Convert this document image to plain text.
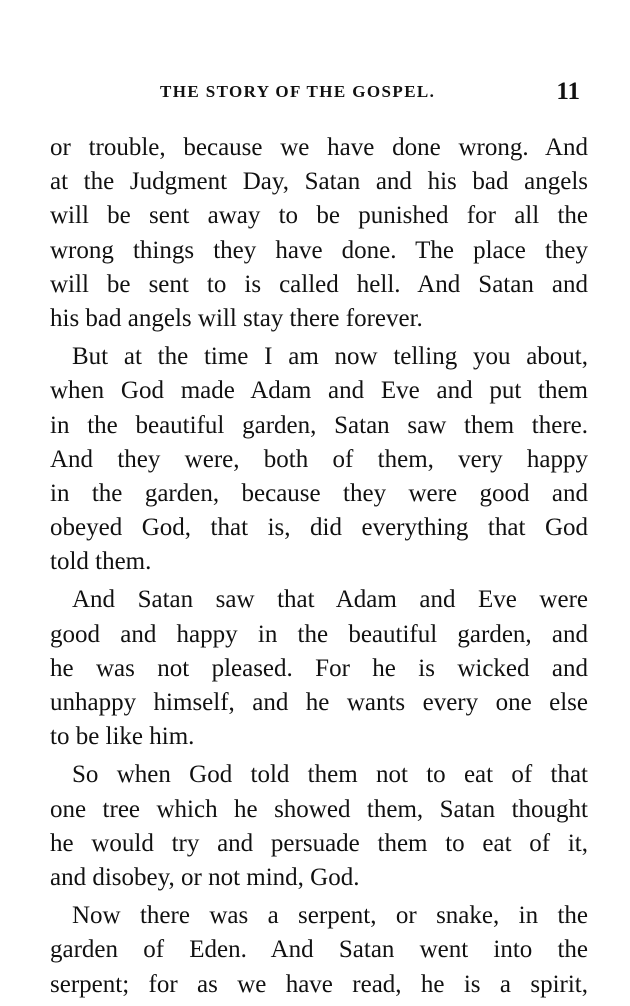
THE STORY OF THE GOSPEL.	11

or trouble, because we have done wrong. And
at the Judgment Day, Satan and his bad angels
will be sent away to be punished for all the
wrong things they have done. The place they
will be sent to is called hell. And Satan and
his bad angels will stay there forever.

But at the time I am now telling you about,
when God made Adam and Eve and put them
in the beautiful garden, Satan saw them there.
And they were, both of them, very happy
in the garden, because they were good and
obeyed God, that is, did everything that God
told them.

And Satan saw that Adam and Eve were
good and happy in the beautiful garden, and
he was not pleased. For he is wicked and
unhappy himself, and he wants every one else
to be like him.

So when God told them not to eat of that
one tree which he showed them, Satan thought
he would try and persuade them to eat of it,
and disobey, or not mind, God.

Now there was a serpent, or snake, in the
garden of Eden. And Satan went into the
serpent; for as we have read, he is a spirit,
